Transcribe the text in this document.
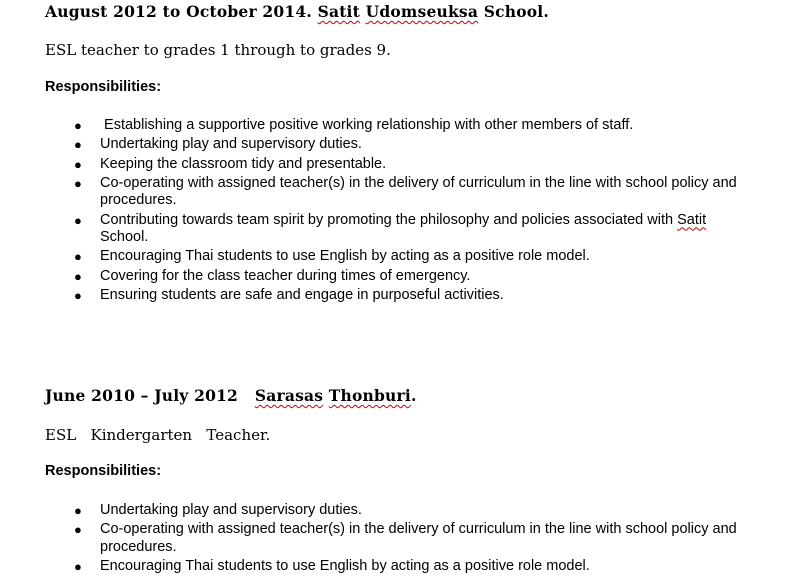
August 2012 to October 2014. Satit Udomseuksa School.
ESL teacher to grades 1 through to grades 9.
Responsibilities:
● Establishing a supportive positive working relationship with other members of staff.
● Undertaking play and supervisory duties.
● Keeping the classroom tidy and presentable.
● Co-operating with assigned teacher(s) in the delivery of curriculum in the line with school policy and procedures.
● Contributing towards team spirit by promoting the philosophy and policies associated with Satit School.
● Encouraging Thai students to use English by acting as a positive role model.
● Covering for the class teacher during times of emergency.
● Ensuring students are safe and engage in purposeful activities.
June 2010 – July 2012   Sarasas Thonburi.
ESL   Kindergarten   Teacher.
Responsibilities:
● Undertaking play and supervisory duties.
● Co-operating with assigned teacher(s) in the delivery of curriculum in the line with school policy and procedures.
● Encouraging Thai students to use English by acting as a positive role model.
